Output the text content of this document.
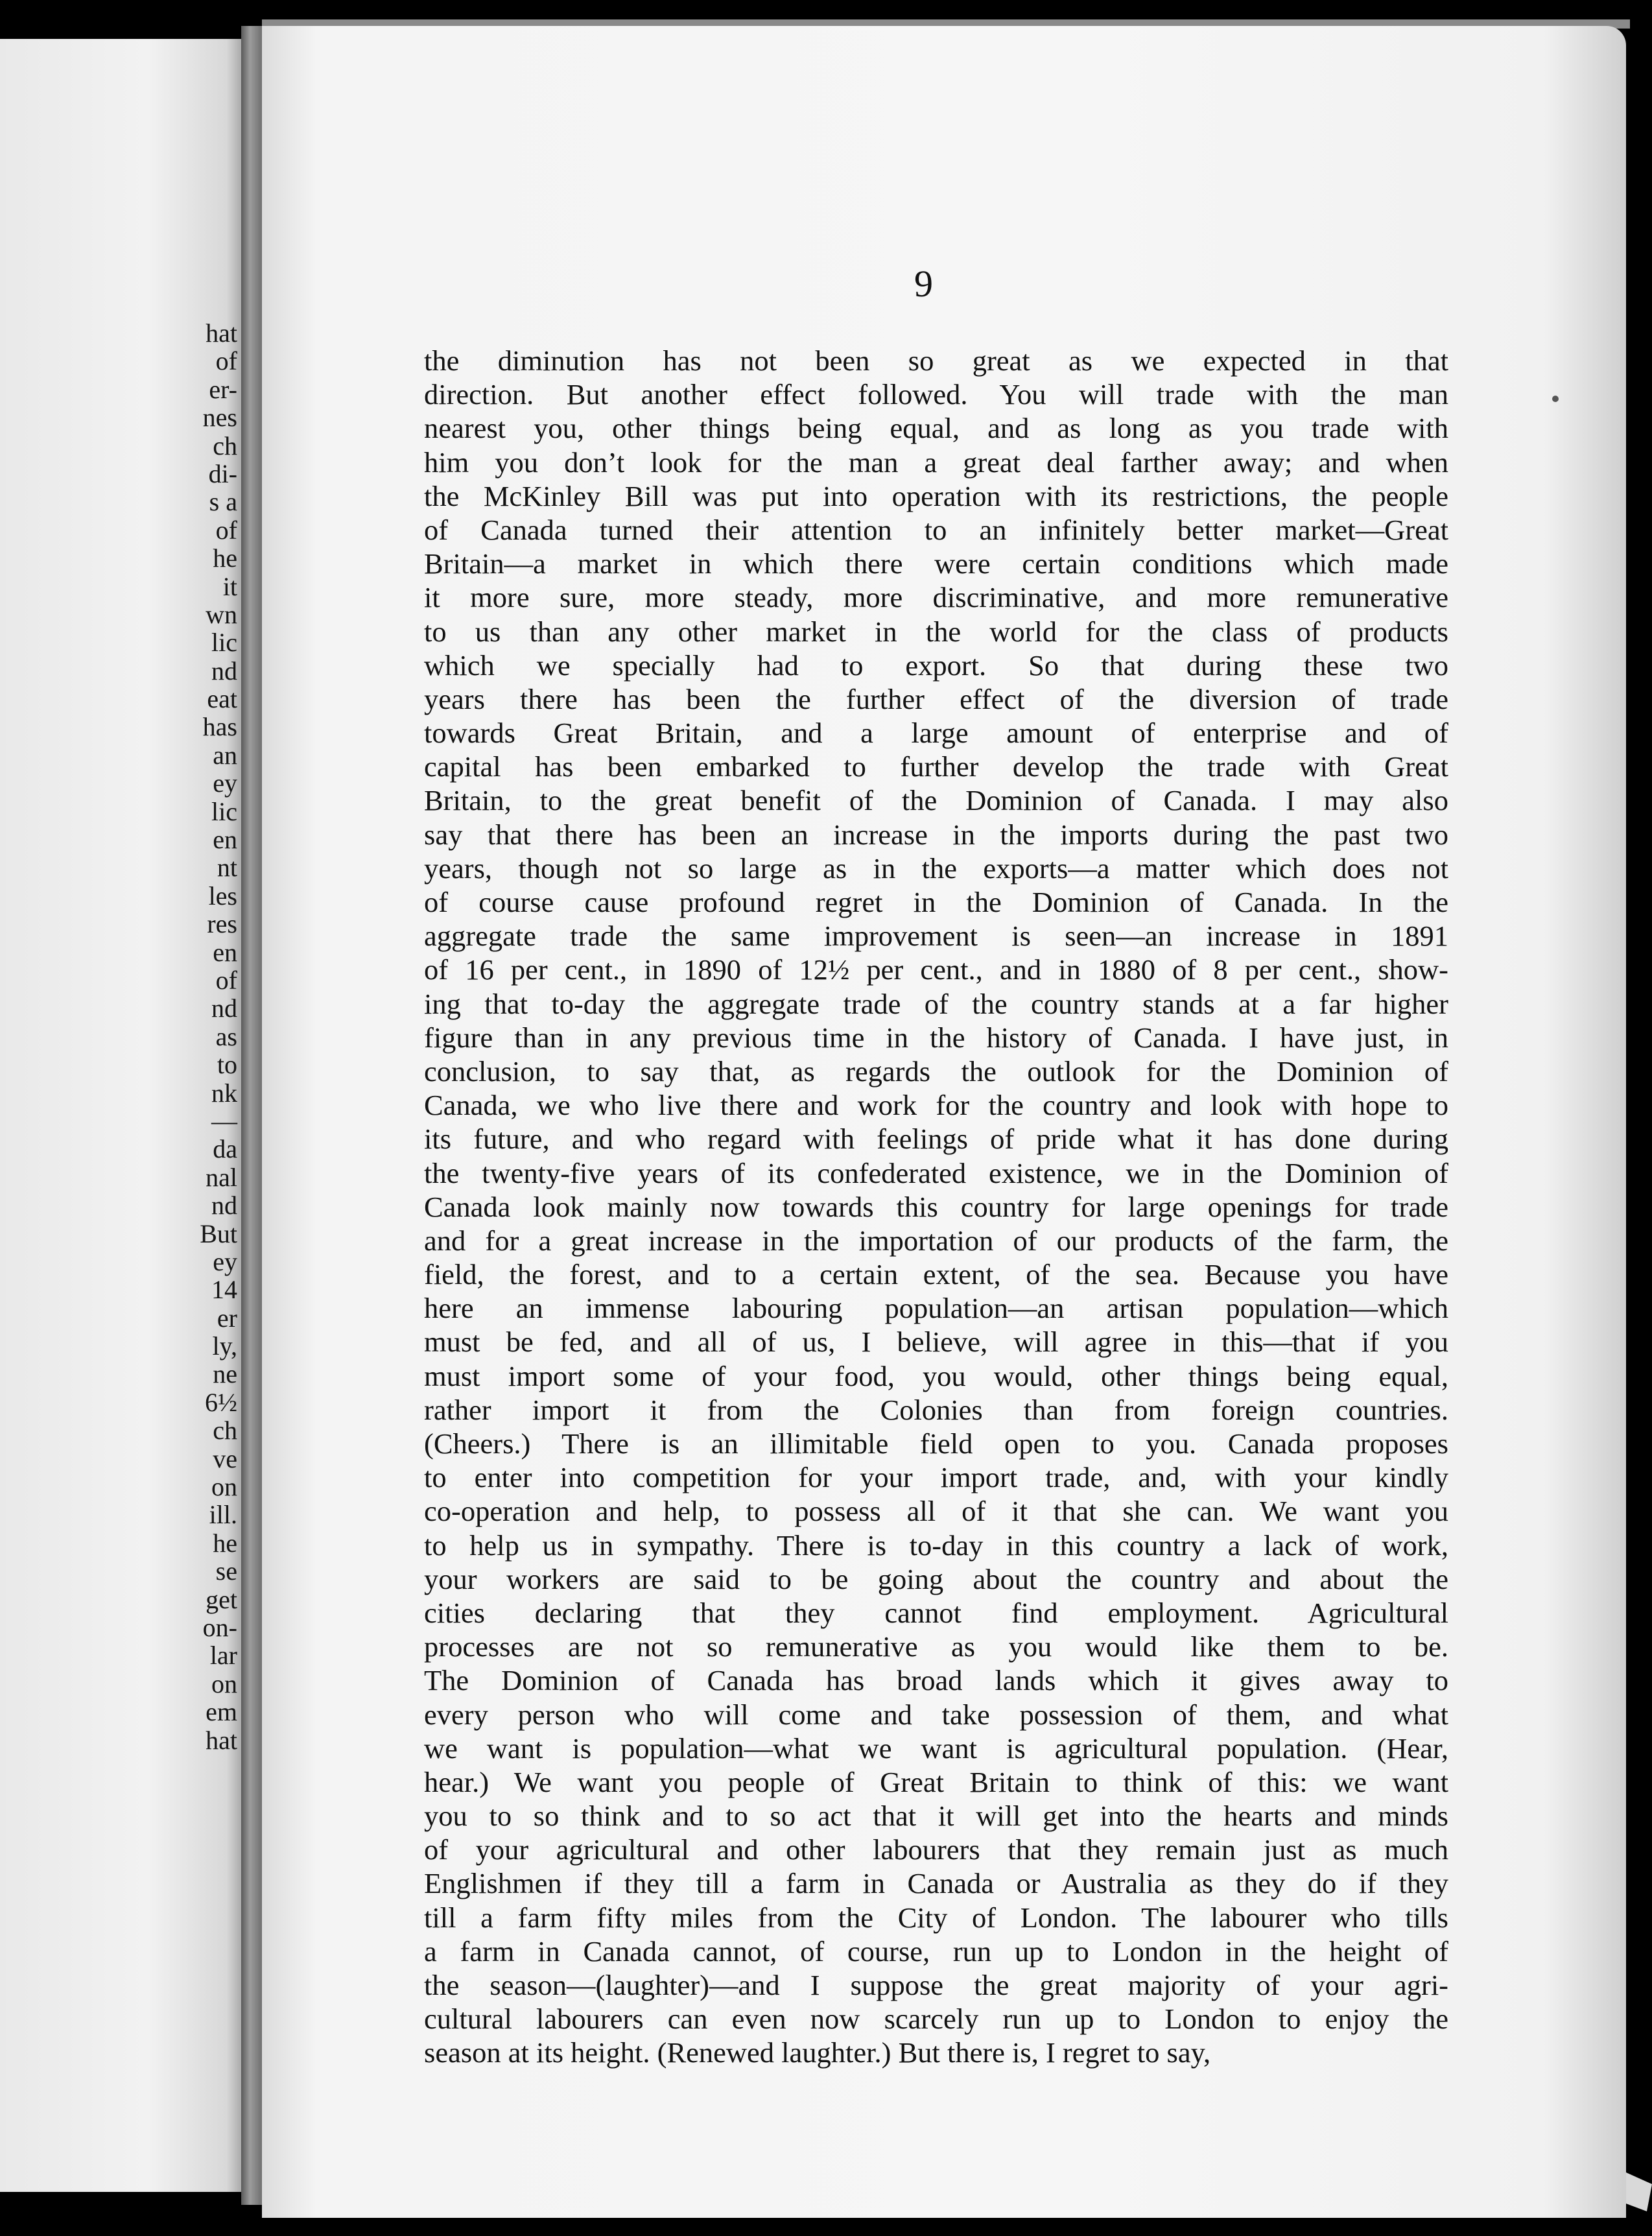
hat
of
er-
nes
ch
di-
s a
of
he
it
wn
lic
nd
eat
has
an
ey
lic
en
nt
les
res
en
of
nd
as
to
nk
—
da
nal
nd
But
ey
14
er
ly,
ne
6½
ch
ve
on
ill.
he
se
get
on-
lar
on
em
hat
9
the diminution has not been so great as we expected in that
direction. But another effect followed. You will trade with the man
nearest you, other things being equal, and as long as you trade with
him you don’t look for the man a great deal farther away; and when
the McKinley Bill was put into operation with its restrictions, the people
of Canada turned their attention to an infinitely better market—Great
Britain—a market in which there were certain conditions which made
it more sure, more steady, more discriminative, and more remunerative
to us than any other market in the world for the class of products
which we specially had to export. So that during these two
years there has been the further effect of the diversion of trade
towards Great Britain, and a large amount of enterprise and of
capital has been embarked to further develop the trade with Great
Britain, to the great benefit of the Dominion of Canada. I may also
say that there has been an increase in the imports during the past two
years, though not so large as in the exports—a matter which does not
of course cause profound regret in the Dominion of Canada. In the
aggregate trade the same improvement is seen—an increase in 1891
of 16 per cent., in 1890 of 12½ per cent., and in 1880 of 8 per cent., show-
ing that to-day the aggregate trade of the country stands at a far higher
figure than in any previous time in the history of Canada. I have just, in
conclusion, to say that, as regards the outlook for the Dominion of
Canada, we who live there and work for the country and look with hope to
its future, and who regard with feelings of pride what it has done during
the twenty-five years of its confederated existence, we in the Dominion of
Canada look mainly now towards this country for large openings for trade
and for a great increase in the importation of our products of the farm, the
field, the forest, and to a certain extent, of the sea. Because you have
here an immense labouring population—an artisan population—which
must be fed, and all of us, I believe, will agree in this—that if you
must import some of your food, you would, other things being equal,
rather import it from the Colonies than from foreign countries.
(Cheers.) There is an illimitable field open to you. Canada proposes
to enter into competition for your import trade, and, with your kindly
co-operation and help, to possess all of it that she can. We want you
to help us in sympathy. There is to-day in this country a lack of work,
your workers are said to be going about the country and about the
cities declaring that they cannot find employment. Agricultural
processes are not so remunerative as you would like them to be.
The Dominion of Canada has broad lands which it gives away to
every person who will come and take possession of them, and what
we want is population—what we want is agricultural population. (Hear,
hear.) We want you people of Great Britain to think of this: we want
you to so think and to so act that it will get into the hearts and minds
of your agricultural and other labourers that they remain just as much
Englishmen if they till a farm in Canada or Australia as they do if they
till a farm fifty miles from the City of London. The labourer who tills
a farm in Canada cannot, of course, run up to London in the height of
the season—(laughter)—and I suppose the great majority of your agri-
cultural labourers can even now scarcely run up to London to enjoy the
season at its height. (Renewed laughter.) But there is, I regret to say,
